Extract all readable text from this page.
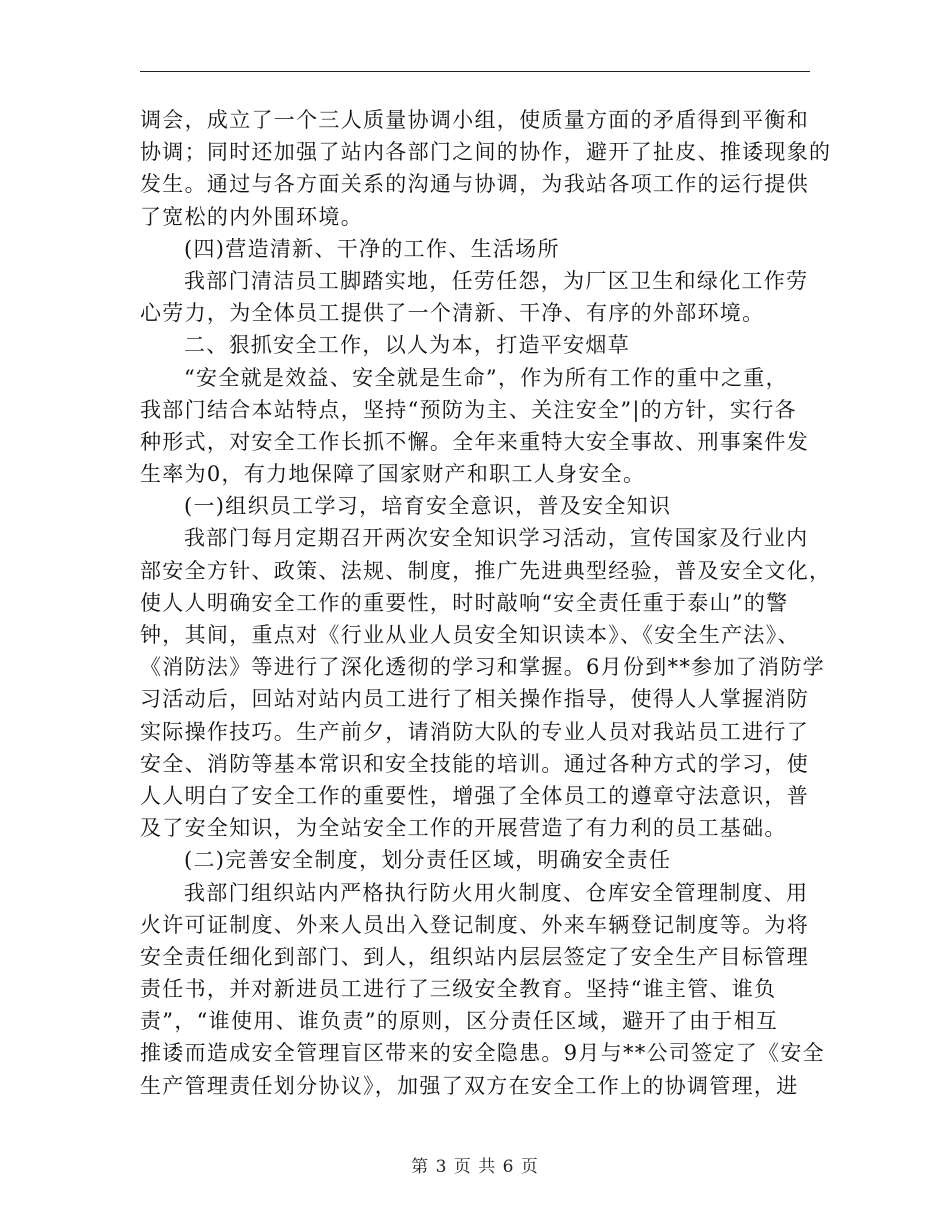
调会，成立了一个三人质量协调小组，使质量方面的矛盾得到平衡和
协调；同时还加强了站内各部门之间的协作，避开了扯皮、推诿现象的
发生。通过与各方面关系的沟通与协调，为我站各项工作的运行提供
了宽松的内外围环境。
(四)营造清新、干净的工作、生活场所
我部门清洁员工脚踏实地，任劳任怨，为厂区卫生和绿化工作劳
心劳力，为全体员工提供了一个清新、干净、有序的外部环境。
二、狠抓安全工作，以人为本，打造平安烟草
“安全就是效益、安全就是生命”，作为所有工作的重中之重，
我部门结合本站特点，坚持“预防为主、关注安全”|的方针，实行各
种形式，对安全工作长抓不懈。全年来重特大安全事故、刑事案件发
生率为0，有力地保障了国家财产和职工人身安全。
(一)组织员工学习，培育安全意识，普及安全知识
我部门每月定期召开两次安全知识学习活动，宣传国家及行业内
部安全方针、政策、法规、制度，推广先进典型经验，普及安全文化，
使人人明确安全工作的重要性，时时敲响“安全责任重于泰山”的警
钟，其间，重点对《行业从业人员安全知识读本》、《安全生产法》、
《消防法》等进行了深化透彻的学习和掌握。6月份到**参加了消防学
习活动后，回站对站内员工进行了相关操作指导，使得人人掌握消防
实际操作技巧。生产前夕，请消防大队的专业人员对我站员工进行了
安全、消防等基本常识和安全技能的培训。通过各种方式的学习，使
人人明白了安全工作的重要性，增强了全体员工的遵章守法意识，普
及了安全知识，为全站安全工作的开展营造了有力利的员工基础。
(二)完善安全制度，划分责任区域，明确安全责任
我部门组织站内严格执行防火用火制度、仓库安全管理制度、用
火许可证制度、外来人员出入登记制度、外来车辆登记制度等。为将
安全责任细化到部门、到人，组织站内层层签定了安全生产目标管理
责任书，并对新进员工进行了三级安全教育。坚持“谁主管、谁负
责”，“谁使用、谁负责”的原则，区分责任区域，避开了由于相互
推诿而造成安全管理盲区带来的安全隐患。9月与**公司签定了《安全
生产管理责任划分协议》，加强了双方在安全工作上的协调管理，进
第 3 页 共 6 页
